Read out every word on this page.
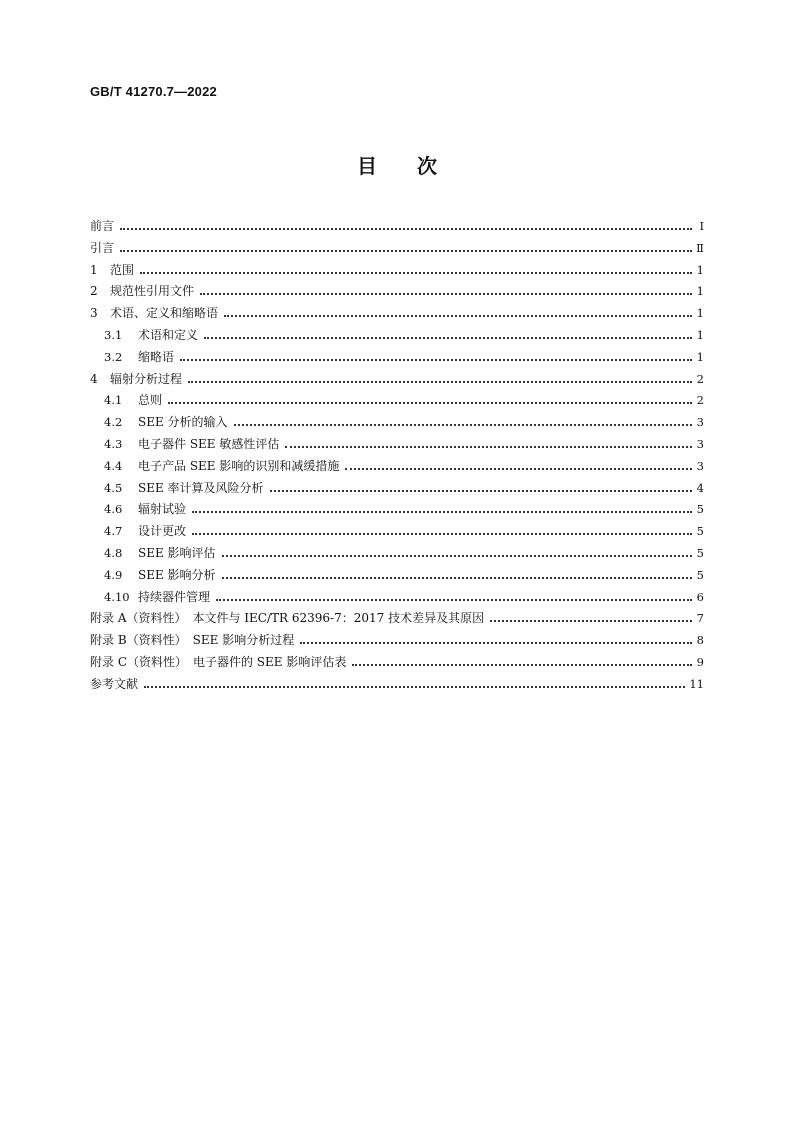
GB/T 41270.7—2022
目　　次
前言	Ⅰ
引言	Ⅱ
1	范围	1
2	规范性引用文件	1
3	术语、定义和缩略语	1
3.1	术语和定义	1
3.2	缩略语	1
4	辐射分析过程	2
4.1	总则	2
4.2	SEE 分析的输入	3
4.3	电子器件 SEE 敏感性评估	3
4.4	电子产品 SEE 影响的识别和减缓措施	3
4.5	SEE 率计算及风险分析	4
4.6	辐射试验	5
4.7	设计更改	5
4.8	SEE 影响评估	5
4.9	SEE 影响分析	5
4.10 持续器件管理	6
附录 A（资料性）　本文件与 IEC/TR 62396-7：2017 技术差异及其原因	7
附录 B（资料性）　SEE 影响分析过程	8
附录 C（资料性）　电子器件的 SEE 影响评估表	9
参考文献	11
